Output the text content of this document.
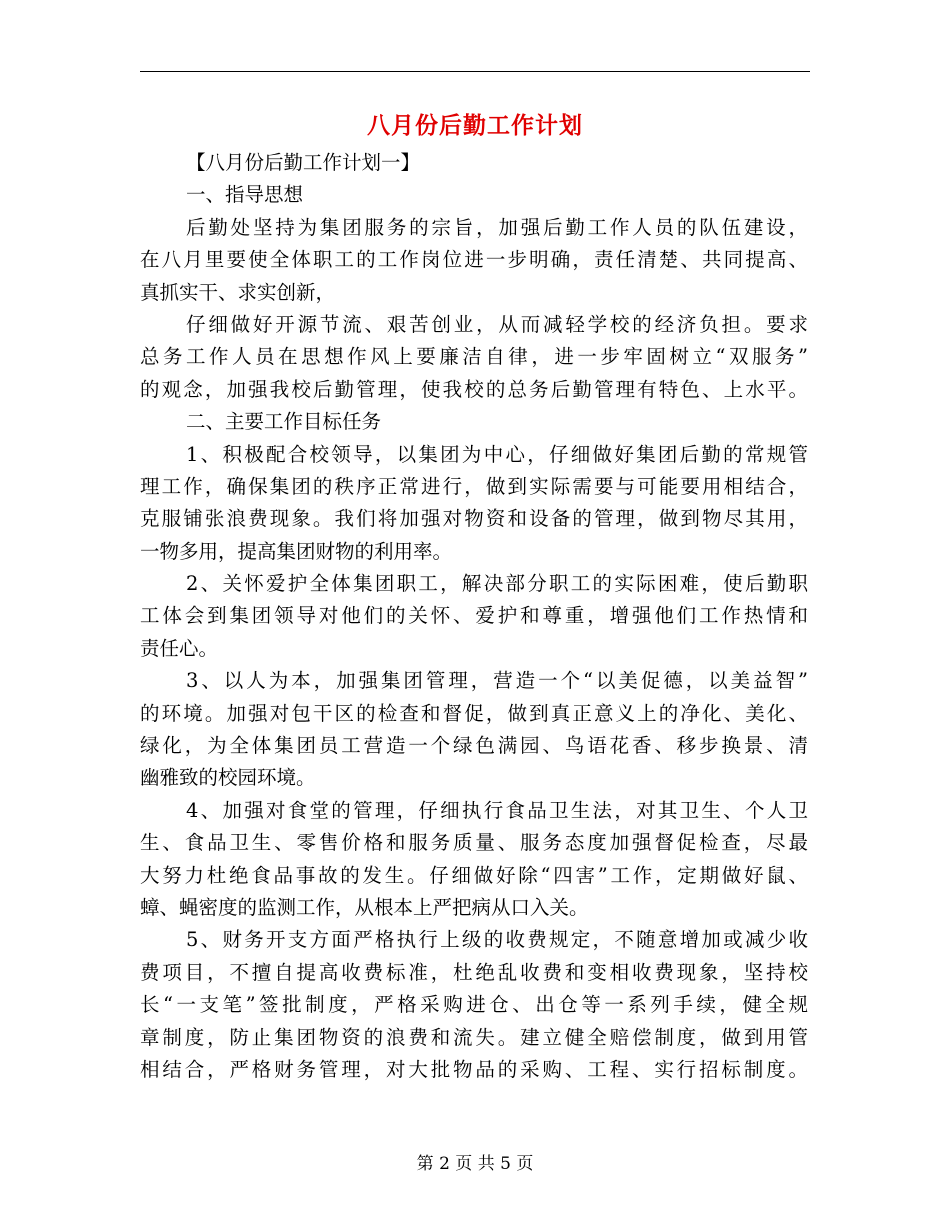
八月份后勤工作计划
【八月份后勤工作计划一】
一、指导思想
后勤处坚持为集团服务的宗旨，加强后勤工作人员的队伍建设，
在八月里要使全体职工的工作岗位进一步明确，责任清楚、共同提高、
真抓实干、求实创新，
仔细做好开源节流、艰苦创业，从而减轻学校的经济负担。要求
总务工作人员在思想作风上要廉洁自律，进一步牢固树立“双服务”
的观念，加强我校后勤管理，使我校的总务后勤管理有特色、上水平。
二、主要工作目标任务
1、积极配合校领导，以集团为中心，仔细做好集团后勤的常规管
理工作，确保集团的秩序正常进行，做到实际需要与可能要用相结合，
克服铺张浪费现象。我们将加强对物资和设备的管理，做到物尽其用，
一物多用，提高集团财物的利用率。
2、关怀爱护全体集团职工，解决部分职工的实际困难，使后勤职
工体会到集团领导对他们的关怀、爱护和尊重，增强他们工作热情和
责任心。
3、以人为本，加强集团管理，营造一个“以美促德，以美益智”
的环境。加强对包干区的检查和督促，做到真正意义上的净化、美化、
绿化，为全体集团员工营造一个绿色满园、鸟语花香、移步换景、清
幽雅致的校园环境。
4、加强对食堂的管理，仔细执行食品卫生法，对其卫生、个人卫
生、食品卫生、零售价格和服务质量、服务态度加强督促检查，尽最
大努力杜绝食品事故的发生。仔细做好除“四害”工作，定期做好鼠、
蟑、蝇密度的监测工作，从根本上严把病从口入关。
5、财务开支方面严格执行上级的收费规定，不随意增加或减少收
费项目，不擅自提高收费标准，杜绝乱收费和变相收费现象，坚持校
长“一支笔”签批制度，严格采购进仓、出仓等一系列手续，健全规
章制度，防止集团物资的浪费和流失。建立健全赔偿制度，做到用管
相结合，严格财务管理，对大批物品的采购、工程、实行招标制度。
第 2 页 共 5 页
